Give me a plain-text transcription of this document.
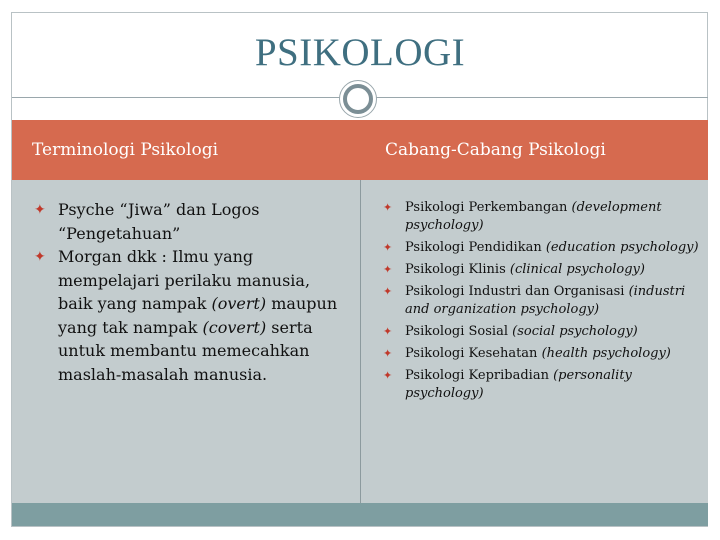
PSIKOLOGI
Terminologi Psikologi	Cabang-Cabang Psikologi
✦ Psyche “Jiwa” dan Logos “Pengetahuan”
✦ Morgan dkk : Ilmu yang mempelajari perilaku manusia, baik yang nampak (overt) maupun yang tak nampak (covert) serta untuk membantu memecahkan maslah-masalah manusia.
✦ Psikologi Perkembangan (development psychology)
✦ Psikologi Pendidikan (education psychology)
✦ Psikologi Klinis (clinical psychology)
✦ Psikologi Industri dan Organisasi (industri and organization psychology)
✦ Psikologi Sosial (social psychology)
✦ Psikologi Kesehatan (health psychology)
✦ Psikologi Kepribadian (personality psychology)
